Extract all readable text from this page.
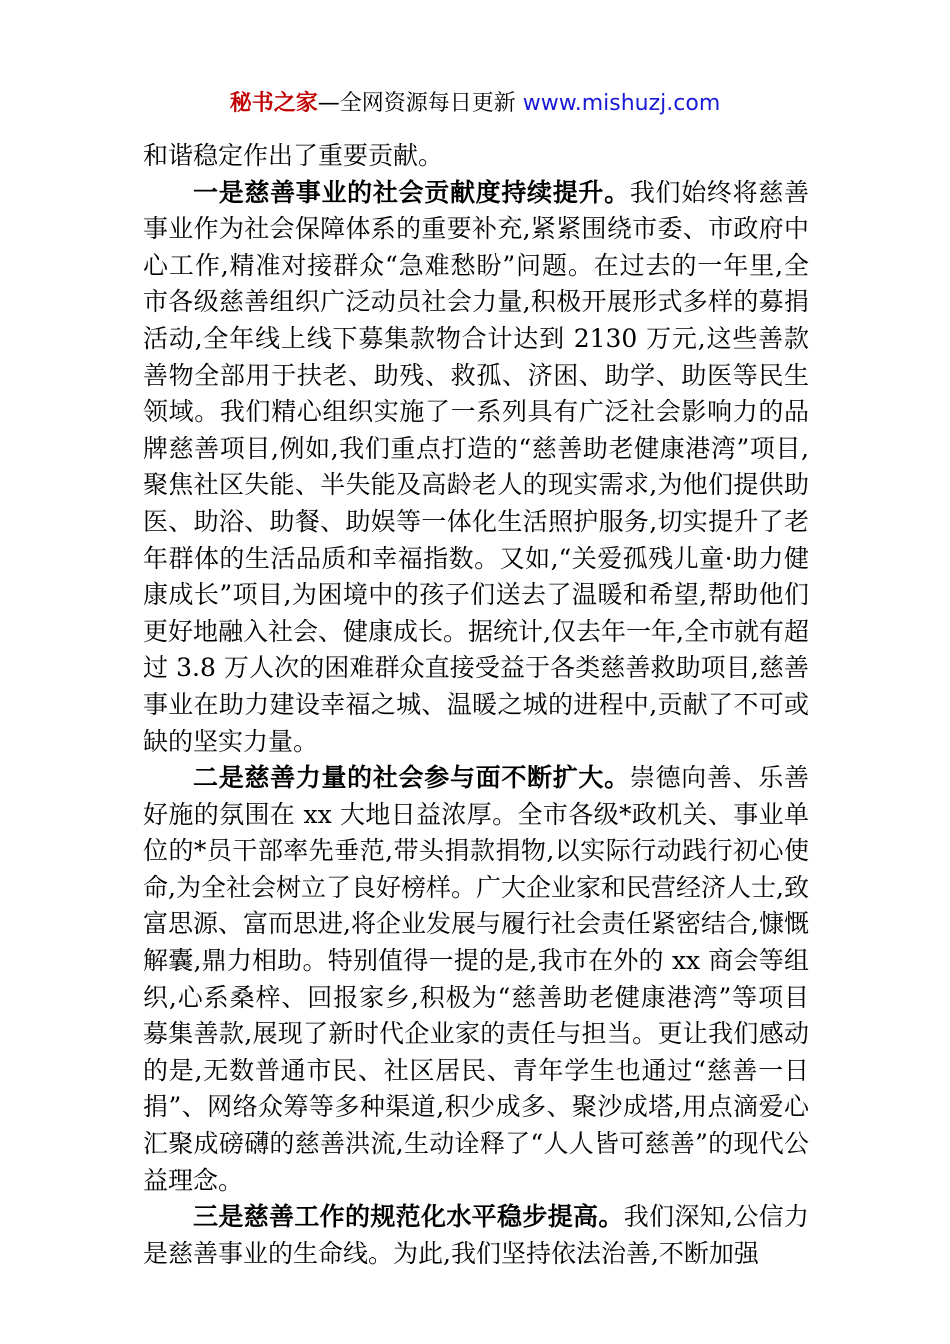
秘书之家—全网资源每日更新 www.mishuzj.com

和谐稳定作出了重要贡献。

一是慈善事业的社会贡献度持续提升。我们始终将慈善事业作为社会保障体系的重要补充,紧紧围绕市委、市政府中心工作,精准对接群众“急难愁盼”问题。在过去的一年里,全市各级慈善组织广泛动员社会力量,积极开展形式多样的募捐活动,全年线上线下募集款物合计达到 2130 万元,这些善款善物全部用于扶老、助残、救孤、济困、助学、助医等民生领域。我们精心组织实施了一系列具有广泛社会影响力的品牌慈善项目,例如,我们重点打造的“慈善助老健康港湾”项目,聚焦社区失能、半失能及高龄老人的现实需求,为他们提供助医、助浴、助餐、助娱等一体化生活照护服务,切实提升了老年群体的生活品质和幸福指数。又如,“关爱孤残儿童·助力健康成长”项目,为困境中的孩子们送去了温暖和希望,帮助他们更好地融入社会、健康成长。据统计,仅去年一年,全市就有超过 3.8 万人次的困难群众直接受益于各类慈善救助项目,慈善事业在助力建设幸福之城、温暖之城的进程中,贡献了不可或缺的坚实力量。

二是慈善力量的社会参与面不断扩大。崇德向善、乐善好施的氛围在 xx 大地日益浓厚。全市各级*政机关、事业单位的*员干部率先垂范,带头捐款捐物,以实际行动践行初心使命,为全社会树立了良好榜样。广大企业家和民营经济人士,致富思源、富而思进,将企业发展与履行社会责任紧密结合,慷慨解囊,鼎力相助。特别值得一提的是,我市在外的 xx 商会等组织,心系桑梓、回报家乡,积极为“慈善助老健康港湾”等项目募集善款,展现了新时代企业家的责任与担当。更让我们感动的是,无数普通市民、社区居民、青年学生也通过“慈善一日捐”、网络众筹等多种渠道,积少成多、聚沙成塔,用点滴爱心汇聚成磅礴的慈善洪流,生动诠释了“人人皆可慈善”的现代公益理念。

三是慈善工作的规范化水平稳步提高。我们深知,公信力是慈善事业的生命线。为此,我们坚持依法治善,不断加强
